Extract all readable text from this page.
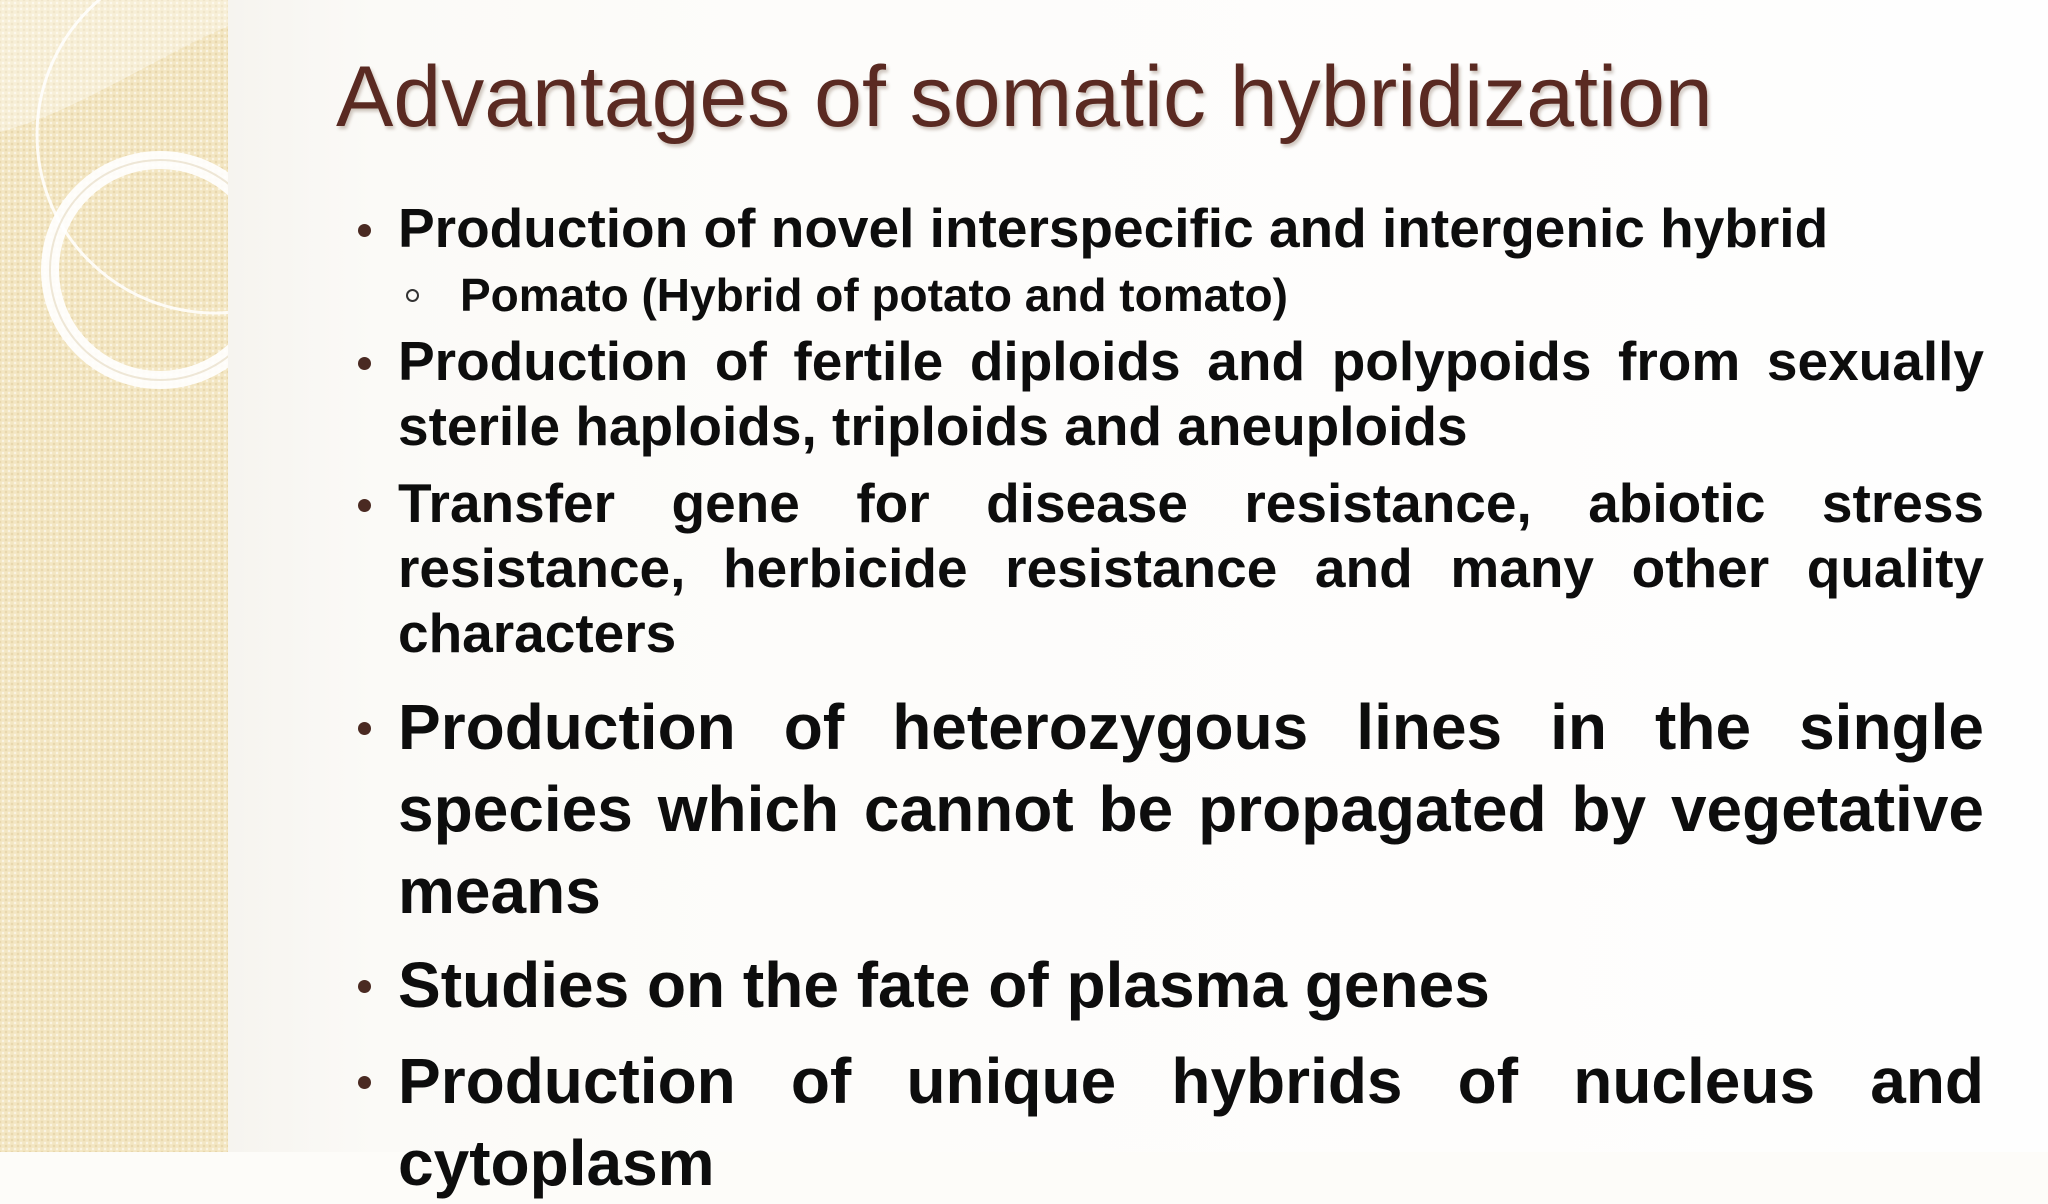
Advantages of somatic hybridization
Production of novel interspecific and intergenic hybrid
Pomato (Hybrid of potato and tomato)
Production of fertile diploids and polypoids from sexually sterile haploids, triploids and aneuploids
Transfer gene for disease resistance, abiotic stress resistance, herbicide resistance and many other quality characters
Production of heterozygous lines in the single species which cannot be propagated by vegetative means
Studies on the fate of plasma genes
Production of unique hybrids of nucleus and cytoplasm
